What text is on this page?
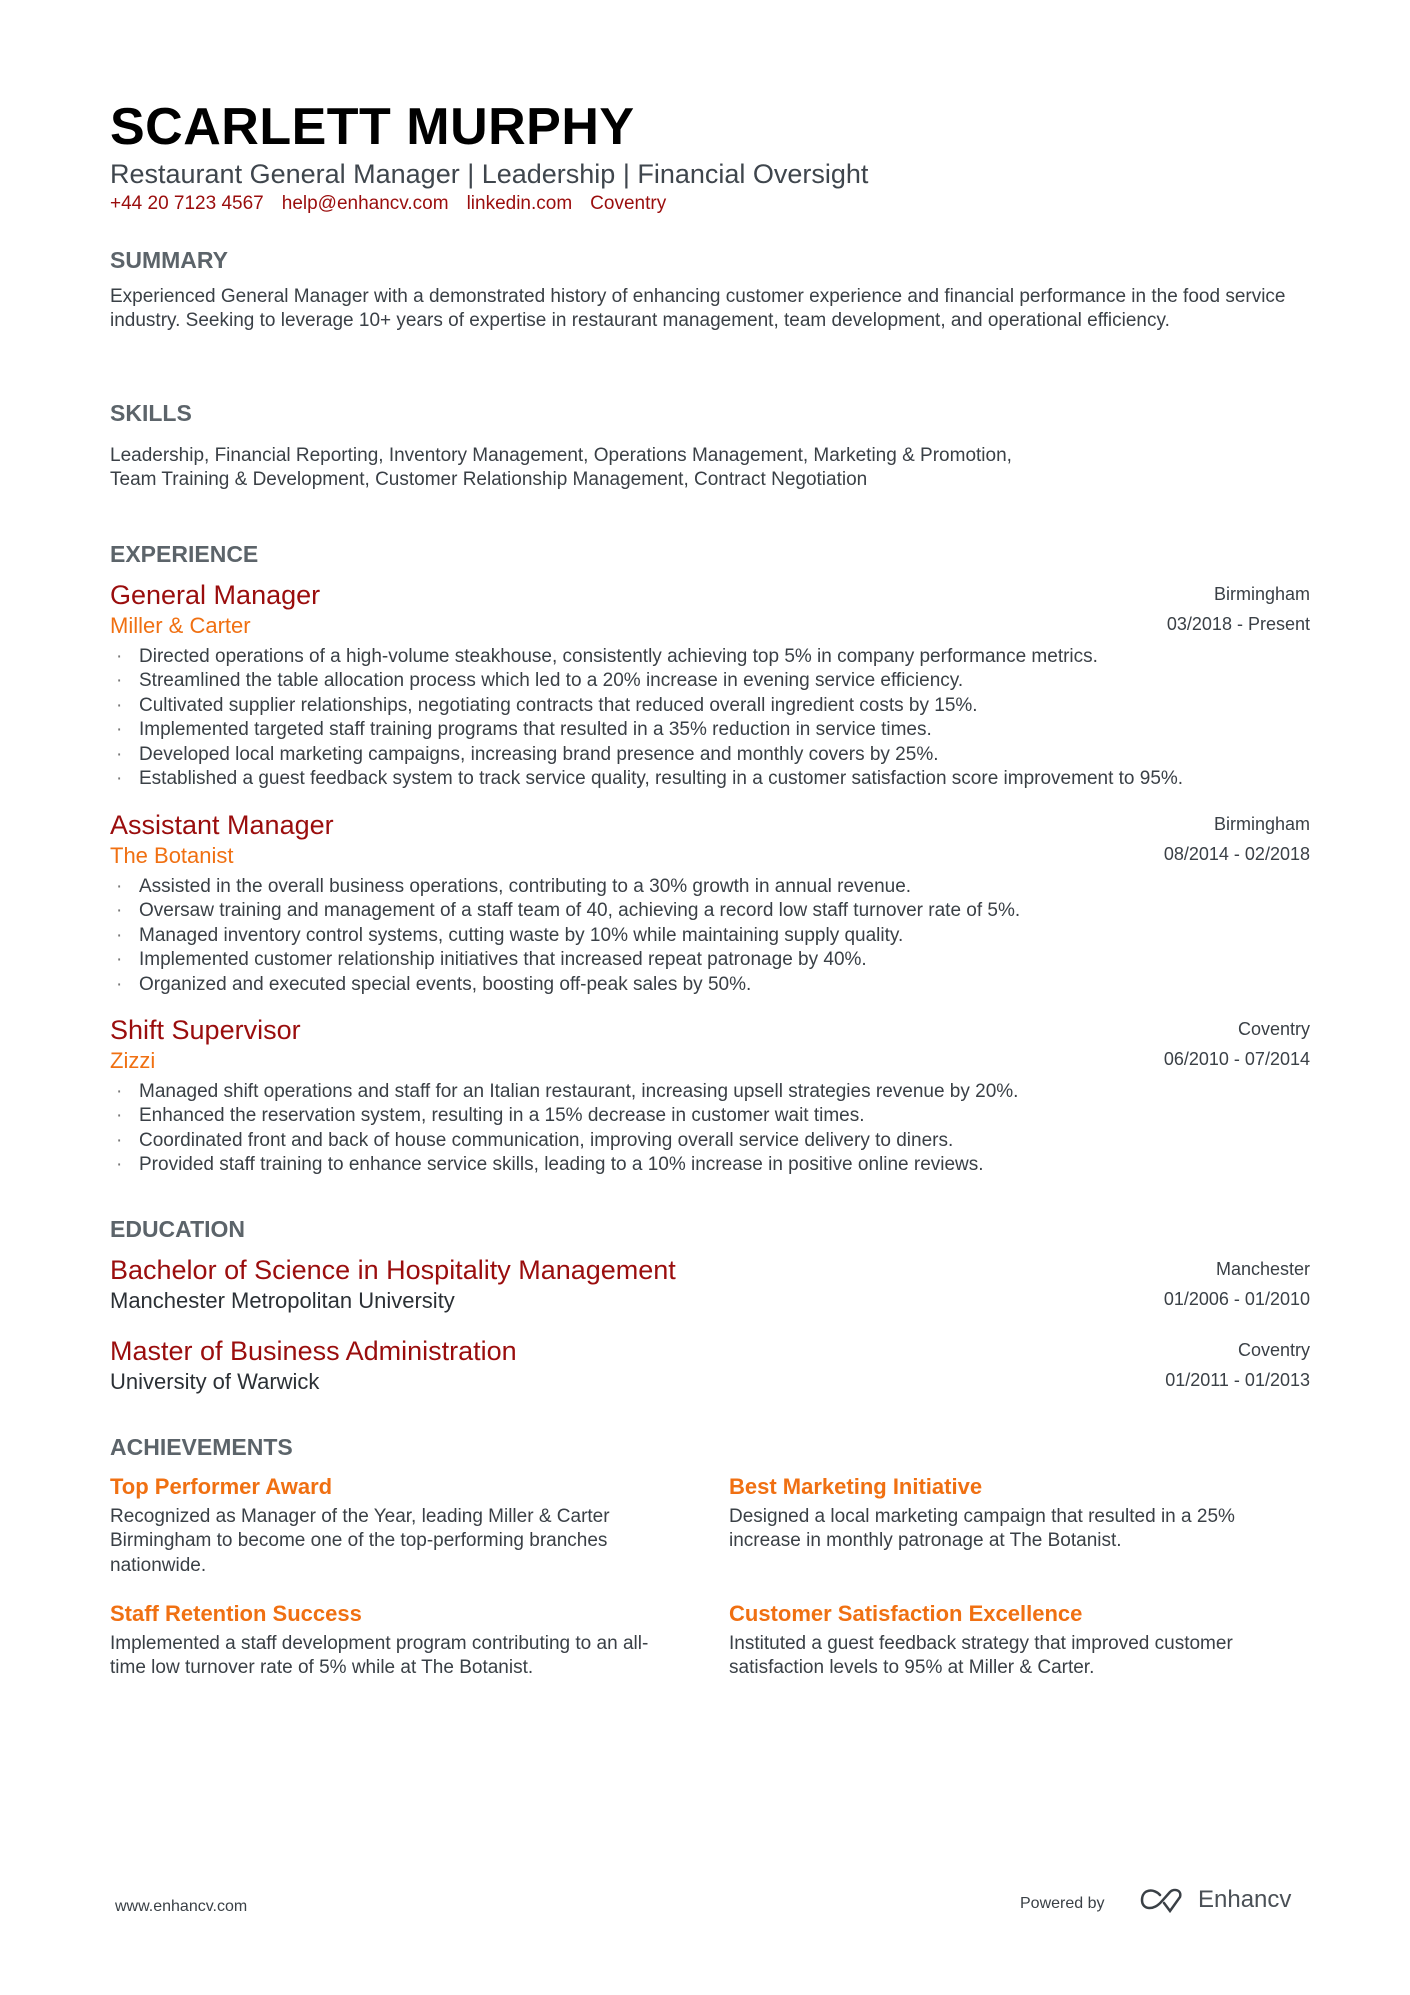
SCARLETT MURPHY
Restaurant General Manager | Leadership | Financial Oversight
+44 20 7123 4567 help@enhancv.com linkedin.com Coventry
SUMMARY
Experienced General Manager with a demonstrated history of enhancing customer experience and financial performance in the food service industry. Seeking to leverage 10+ years of expertise in restaurant management, team development, and operational efficiency.
SKILLS
Leadership, Financial Reporting, Inventory Management, Operations Management, Marketing & Promotion,
Team Training & Development, Customer Relationship Management, Contract Negotiation
EXPERIENCE
General Manager
Miller & Carter
Birmingham
03/2018 - Present
· Directed operations of a high-volume steakhouse, consistently achieving top 5% in company performance metrics.
· Streamlined the table allocation process which led to a 20% increase in evening service efficiency.
· Cultivated supplier relationships, negotiating contracts that reduced overall ingredient costs by 15%.
· Implemented targeted staff training programs that resulted in a 35% reduction in service times.
· Developed local marketing campaigns, increasing brand presence and monthly covers by 25%.
· Established a guest feedback system to track service quality, resulting in a customer satisfaction score improvement to 95%.
Assistant Manager
The Botanist
Birmingham
08/2014 - 02/2018
· Assisted in the overall business operations, contributing to a 30% growth in annual revenue.
· Oversaw training and management of a staff team of 40, achieving a record low staff turnover rate of 5%.
· Managed inventory control systems, cutting waste by 10% while maintaining supply quality.
· Implemented customer relationship initiatives that increased repeat patronage by 40%.
· Organized and executed special events, boosting off-peak sales by 50%.
Shift Supervisor
Zizzi
Coventry
06/2010 - 07/2014
· Managed shift operations and staff for an Italian restaurant, increasing upsell strategies revenue by 20%.
· Enhanced the reservation system, resulting in a 15% decrease in customer wait times.
· Coordinated front and back of house communication, improving overall service delivery to diners.
· Provided staff training to enhance service skills, leading to a 10% increase in positive online reviews.
EDUCATION
Bachelor of Science in Hospitality Management
Manchester Metropolitan University
Manchester
01/2006 - 01/2010
Master of Business Administration
University of Warwick
Coventry
01/2011 - 01/2013
ACHIEVEMENTS
Top Performer Award
Recognized as Manager of the Year, leading Miller & Carter Birmingham to become one of the top-performing branches nationwide.
Best Marketing Initiative
Designed a local marketing campaign that resulted in a 25% increase in monthly patronage at The Botanist.
Staff Retention Success
Implemented a staff development program contributing to an all-time low turnover rate of 5% while at The Botanist.
Customer Satisfaction Excellence
Instituted a guest feedback strategy that improved customer satisfaction levels to 95% at Miller & Carter.
www.enhancv.com	Powered by	Enhancv
